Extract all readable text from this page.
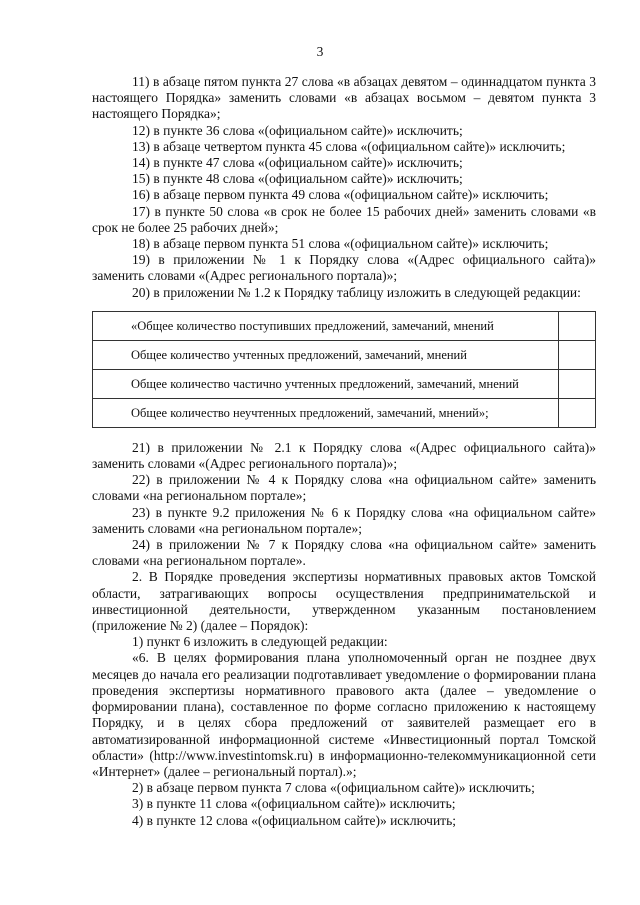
3

11) в абзаце пятом пункта 27 слова «в абзацах девятом – одиннадцатом пункта 3 настоящего Порядка» заменить словами «в абзацах восьмом – девятом пункта 3 настоящего Порядка»;

12) в пункте 36 слова «(официальном сайте)» исключить;

13) в абзаце четвертом пункта 45 слова «(официальном сайте)» исключить;

14) в пункте 47 слова «(официальном сайте)» исключить;

15) в пункте 48 слова «(официальном сайте)» исключить;

16) в абзаце первом пункта 49 слова «(официальном сайте)» исключить;

17) в пункте 50 слова «в срок не более 15 рабочих дней» заменить словами «в срок не более 25 рабочих дней»;

18) в абзаце первом пункта 51 слова «(официальном сайте)» исключить;

19) в приложении № 1 к Порядку слова «(Адрес официального сайта)» заменить словами «(Адрес регионального портала)»;

20) в приложении № 1.2 к Порядку таблицу изложить в следующей редакции:

«Общее количество поступивших предложений, замечаний, мнений	
Общее количество учтенных предложений, замечаний, мнений	
Общее количество частично учтенных предложений, замечаний, мнений	
Общее количество неучтенных предложений, замечаний, мнений»;	

21) в приложении № 2.1 к Порядку слова «(Адрес официального сайта)» заменить словами «(Адрес регионального портала)»;

22) в приложении № 4 к Порядку слова «на официальном сайте» заменить словами «на региональном портале»;

23) в пункте 9.2 приложения № 6 к Порядку слова «на официальном сайте» заменить словами «на региональном портале»;

24) в приложении № 7 к Порядку слова «на официальном сайте» заменить словами «на региональном портале».

2. В Порядке проведения экспертизы нормативных правовых актов Томской области, затрагивающих вопросы осуществления предпринимательской и инвестиционной деятельности, утвержденном указанным постановлением (приложение № 2) (далее – Порядок):

1) пункт 6 изложить в следующей редакции:

«6. В целях формирования плана уполномоченный орган не позднее двух месяцев до начала его реализации подготавливает уведомление о формировании плана проведения экспертизы нормативного правового акта (далее – уведомление о формировании плана), составленное по форме согласно приложению к настоящему Порядку, и в целях сбора предложений от заявителей размещает его в автоматизированной информационной системе «Инвестиционный портал Томской области» (http://www.investintomsk.ru) в информационно-телекоммуникационной сети «Интернет» (далее – региональный портал).»;

2) в абзаце первом пункта 7 слова «(официальном сайте)» исключить;

3) в пункте 11 слова «(официальном сайте)» исключить;

4) в пункте 12 слова «(официальном сайте)» исключить;
